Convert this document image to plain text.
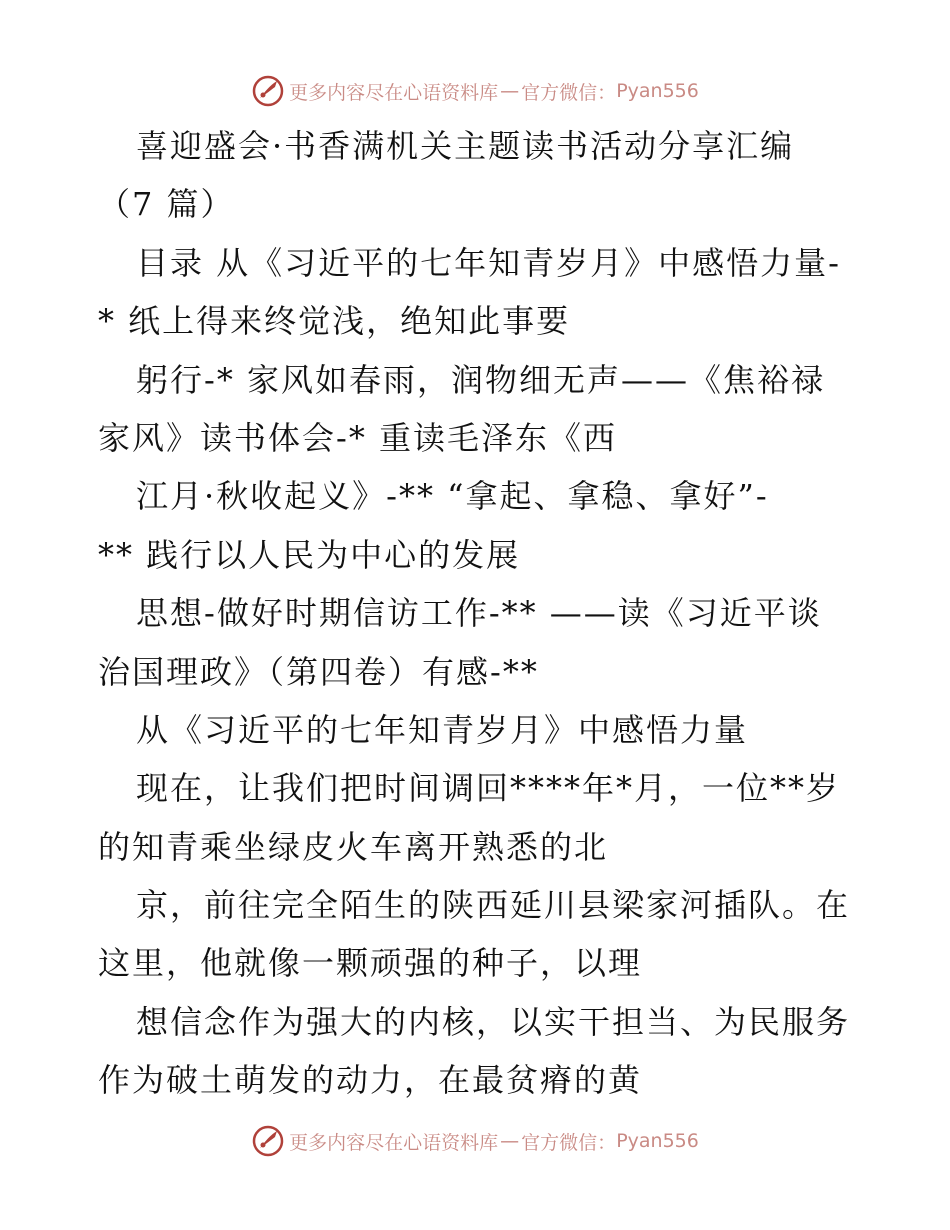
更多内容尽在心语资料库 — 官方微信： Pyan556
喜迎盛会·书香满机关主题读书活动分享汇编
（7 篇）
目录 从《习近平的七年知青岁月》中感悟力量-
* 纸上得来终觉浅，绝知此事要
躬行-* 家风如春雨，润物细无声——《焦裕禄
家风》读书体会-* 重读毛泽东《西
江月·秋收起义》-** “拿起、拿稳、拿好”-
** 践行以人民为中心的发展
思想-做好时期信访工作-** ——读《习近平谈
治国理政》（第四卷）有感-**
从《习近平的七年知青岁月》中感悟力量
现在，让我们把时间调回****年*月，一位**岁
的知青乘坐绿皮火车离开熟悉的北
京，前往完全陌生的陕西延川县梁家河插队。在
这里，他就像一颗顽强的种子，以理
想信念作为强大的内核，以实干担当、为民服务
作为破土萌发的动力，在最贫瘠的黄
更多内容尽在心语资料库 — 官方微信： Pyan556
